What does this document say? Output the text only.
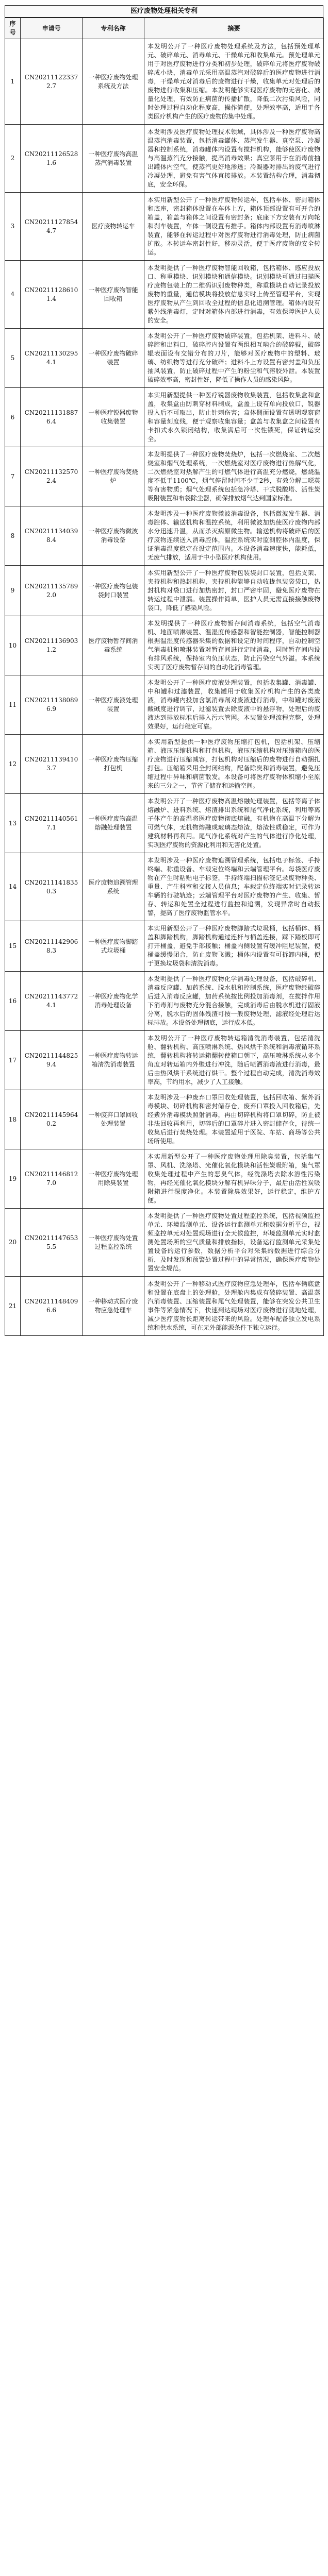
医疗废物处理相关专利
序号	申请号	专利名称	摘要
1	CN202111223372.7	一种医疗废物处理系统及方法	本发明公开了一种医疗废物处理系统及方法，包括预处理单元、破碎单元、消毒单元、干燥单元和收集单元。预处理单元用于对医疗废物进行分类和初步处理，破碎单元将医疗废物破碎成小块，消毒单元采用高温蒸汽对破碎后的医疗废物进行消毒，干燥单元对消毒后的废物进行干燥，收集单元对处理后的废物进行收集和压缩。本发明能够实现医疗废物的无害化、减量化处理，有效防止病菌的传播扩散，降低二次污染风险，同时处理过程自动化程度高，操作简便，处理效率高，适用于各类医疗机构产生的医疗废物的集中处理。
2	CN202111265281.6	一种医疗废物高温蒸汽消毒装置	本发明涉及医疗废物处理技术领域，具体涉及一种医疗废物高温蒸汽消毒装置，包括消毒罐体、蒸汽发生器、真空泵、冷凝器和控制系统，消毒罐体内设置有搅拌机构，能够使医疗废物与高温蒸汽充分接触，提高消毒效果；真空泵用于在消毒前抽出罐体内空气，使蒸汽更好地渗透；冷凝器对排出的废气进行冷凝处理，避免有害气体直接排放。本装置结构合理，消毒彻底，安全环保。
3	CN202111278544.7	医疗废物转运车	本实用新型公开了一种医疗废物转运车，包括车体、密封箱体和底座，密封箱体设置在车体上方，箱体顶部设置有可开合的箱盖，箱盖与箱体之间设置有密封条；底座下方安装有万向轮和刹车装置，车体一侧设置有推手。箱体内部设置有消毒喷淋装置，能够在转运过程中对医疗废物进行消毒处理，防止病菌扩散。本转运车密封性好，移动灵活，便于医疗废物的安全转运。
4	CN202111286101.4	一种医疗废物智能回收箱	本发明提供了一种医疗废物智能回收箱，包括箱体、感应投放口、称重模块、识别模块和通信模块。识别模块可通过扫描医疗废物包装上的二维码识别废物种类，称重模块自动记录投放废物的重量，通信模块将投放信息实时上传至管理平台，实现医疗废物从产生到回收全过程的信息化追溯管理。箱体内设有紫外线消毒灯，定时对箱体内部进行消毒，有效保障医护人员的安全。
5	CN202111302954.1	一种医疗废物破碎装置	本发明公开了一种医疗废物破碎装置，包括机架、进料斗、破碎腔和出料口，破碎腔内设置有两组相互啮合的破碎辊，破碎辊表面设有交错分布的刀片，能够对医疗废物中的塑料、玻璃、纺织物等进行充分破碎；进料斗上方设置有密封盖和负压抽风装置，防止破碎过程中产生的粉尘和气溶胶外泄。本装置破碎效率高，密封性好，降低了操作人员的感染风险。
6	CN202111318876.4	一种医疗锐器废物收集装置	本实用新型提供一种医疗锐器废物收集装置，包括收集盒和盒盖，收集盒由防刺穿材料制成，盒盖上设有单向投放口，锐器投入后不可取出，防止针刺伤害；盒体侧面设置有透明观察窗和容量刻度线，便于观察收集容量；盒盖与收集盒之间设置有卡扣式永久锁闭结构，收集满后可一次性锁死，保证转运安全。
7	CN202111325702.4	一种医疗废物焚烧炉	本发明提供了一种医疗废物焚烧炉，包括一次燃烧室、二次燃烧室和烟气处理系统，一次燃烧室对医疗废物进行热解气化，二次燃烧室对热解产生的可燃气体进行高温充分燃烧，燃烧温度不低于1100℃，烟气停留时间不少于2秒，有效分解二噁英等有害物质；烟气处理系统包括急冷塔、干式脱酸塔、活性炭吸附装置和布袋除尘器，确保排放烟气达到国家标准。
8	CN202111340398.4	一种医疗废物微波消毒设备	本发明涉及一种医疗废物微波消毒设备，包括微波发生器、消毒腔体、输送机构和温控系统，利用微波加热使医疗废物内部水分迅速升温，从而杀灭病原微生物。输送机构将破碎后的医疗废物连续送入消毒腔体，温控系统实时监测腔体内温度，保证消毒温度稳定在设定范围内。本设备消毒速度快，能耗低，无废气排放，适用于中小型医疗机构使用。
9	CN202111357892.0	一种医疗废物包装袋封口装置	本实用新型公开了一种医疗废物包装袋封口装置，包括支架、夹持机构和热封机构，夹持机构能够自动收拢包装袋袋口，热封机构对袋口进行加热密封，封口严密牢固，避免医疗废物在转运过程中泄漏。装置操作简单，医护人员无需直接接触废物袋口，降低了感染风险。
10	CN202111369031.2	医疗废物暂存间消毒系统	本发明提供了一种医疗废物暂存间消毒系统，包括空气消毒机、地面喷淋装置、温湿度传感器和智能控制器，智能控制器根据温湿度传感器采集的数据和设定的时间程序，自动控制空气消毒机和喷淋装置对暂存间进行定时消毒，同时暂存间内设有排风系统，保持室内负压状态，防止污染空气外溢。本系统实现了医疗废物暂存间的自动化消毒管理。
11	CN202111380896.9	一种医疗废液处理装置	本发明公开了一种医疗废液处理装置，包括收集罐、消毒罐、中和罐和过滤装置，收集罐用于收集医疗机构产生的各类废液，消毒罐内投加含氯消毒剂对废液进行消毒，中和罐对废液酸碱度进行调节，过滤装置去除废液中的悬浮物，处理后的废液达到排放标准后排入污水管网。本装置处理流程完整，处理效果好，运行稳定可靠。
12	CN202111394103.7	一种医疗废物压缩打包机	本实用新型提供一种医疗废物压缩打包机，包括机架、压缩箱、液压压缩机构和打包机构，液压压缩机构对压缩箱内的医疗废物进行压缩减容，打包机构对压缩后的废物进行自动捆扎打包。压缩箱采用全封闭结构，配备除臭和消毒装置，避免压缩过程中异味和病菌散发。本设备可将医疗废物体积缩小至原来的三分之一，节省了储存和运输空间。
13	CN202111405617.1	一种医疗废物高温熔融处理装置	本发明公开了一种医疗废物高温熔融处理装置，包括等离子体熔融炉、进料系统、熔渣排出系统和尾气净化系统，利用等离子体产生的高温将医疗废物彻底熔融，有机物在高温下分解为可燃气体，无机物熔融成玻璃态熔渣，熔渣性质稳定，可作为建筑材料再利用。尾气净化系统对产生的气体进行净化处理，实现医疗废物的资源化利用和无害化处置。
14	CN202111418350.3	医疗废物追溯管理系统	本发明涉及一种医疗废物追溯管理系统，包括电子标签、手持终端、称重设备、车载定位终端和云端管理平台。每袋医疗废物在产生时粘贴电子标签，手持终端扫描标签记录废物种类、重量、产生科室和交接人员信息；车载定位终端实时记录转运车辆的行驶轨迹；云端管理平台对医疗废物的产生、收集、暂存、转运和处置全过程进行监控和追溯，发现异常时自动报警，提高了医疗废物监管水平。
15	CN202111429068.3	一种医疗废物脚踏式垃圾桶	本实用新型公开了一种医疗废物脚踏式垃圾桶，包括桶体、桶盖和脚踏机构，脚踏机构通过连杆与桶盖连接，踩下踏板即可打开桶盖，避免手部接触；桶盖内侧设置有缓冲阻尼装置，使桶盖缓慢闭合，防止废物飞溅；桶体内设置有可拆卸内桶，便于更换垃圾袋和清洗消毒。
16	CN202111437724.1	一种医疗废物化学消毒处理设备	本发明提供了一种医疗废物化学消毒处理设备，包括破碎机、消毒反应罐、加药系统、脱水机和控制系统，医疗废物经破碎后进入消毒反应罐，加药系统按比例投加消毒剂，在搅拌作用下消毒剂与废物充分混合接触，完成消毒后由脱水机进行固液分离，脱水后的固体残渣可按一般废物处理，滤液经处理后达标排放。本设备处理彻底，运行成本低。
17	CN202111448259.4	一种医疗废物转运箱清洗消毒装置	本发明公开了一种医疗废物转运箱清洗消毒装置，包括清洗舱、翻转机构、高压喷淋系统、热风烘干系统和消毒液循环系统，翻转机构将转运箱翻转使箱口朝下，高压喷淋系统从多个角度对转运箱内外壁进行冲洗，随后喷洒消毒液进行消毒，最后由热风烘干系统进行烘干。整个过程自动完成，清洗消毒效率高，节约用水，减少了人工接触。
18	CN202111459640.2	一种废弃口罩回收处理装置	本发明涉及一种废弃口罩回收处理装置，包括回收箱、紫外消毒模块、切碎机构和密封储存仓，废弃口罩投入回收箱后，先经紫外消毒模块照射消毒，再由切碎机构将口罩切碎，防止被非法回收再利用，切碎后的口罩碎片进入密封储存仓，待统一收集后进行焚烧处理。本装置适用于医院、车站、商场等公共场所使用。
19	CN202111468127.0	一种医疗废物处理用除臭装置	本实用新型公开了一种医疗废物处理用除臭装置，包括集气罩、风机、洗涤塔、光催化氧化模块和活性炭吸附箱，集气罩收集处理过程中产生的恶臭气体，经洗涤塔去除水溶性污染物，再经光催化氧化模块分解有机异味分子，最后由活性炭吸附箱进行深度净化。本装置除臭效果好，运行稳定，维护方便。
20	CN202111476535.5	一种医疗废物处置过程监控系统	本发明提供了一种医疗废物处置过程监控系统，包括视频监控单元、环境监测单元、设备运行监测单元和数据分析平台，视频监控单元对处置现场进行全天候监控，环境监测单元实时监测处置场所的空气质量和排放指标，设备运行监测单元采集处置设备的运行参数，数据分析平台对采集的数据进行综合分析，及时发现和预警处置过程中的异常情况，确保医疗废物处置安全规范。
21	CN202111484096.6	一种移动式医疗废物应急处理车	本发明公开了一种移动式医疗废物应急处理车，包括车辆底盘和设置在底盘上的处理舱，处理舱内集成有破碎装置、高温蒸汽消毒装置、压缩装置和尾气处理装置，能够在突发公共卫生事件等紧急情况下，快速到达现场对医疗废物进行就地处理，减少医疗废物长距离转运带来的风险。处理车配备独立发电系统和供水系统，可在无外部能源条件下独立运行。
